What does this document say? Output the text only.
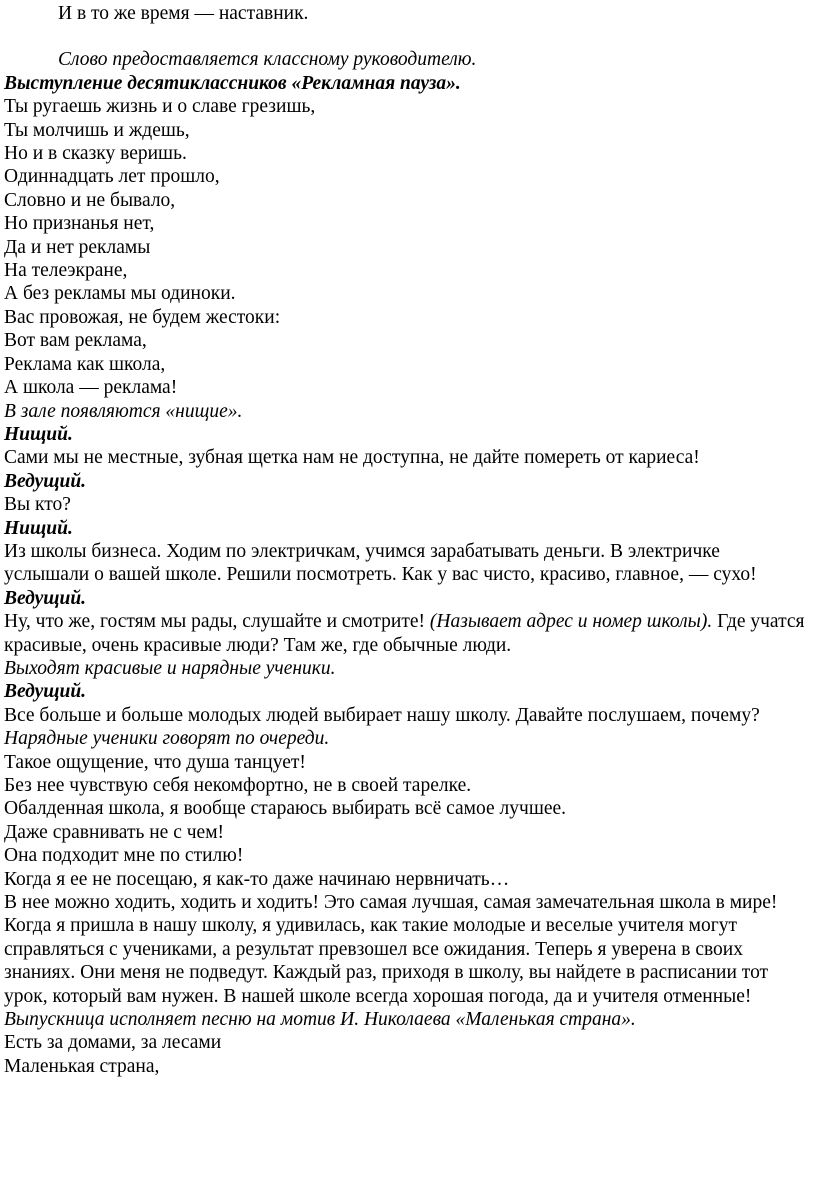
И в то же время — наставник.

Слово предоставляется классному руководителю.

Выступление десятиклассников «Рекламная пауза».

Ты ругаешь жизнь и о славе грезишь,

Ты молчишь и ждешь,

Но и в сказку веришь.

Одиннадцать лет прошло,

Словно и не бывало,

Но признанья нет,

Да и нет рекламы

На телеэкране,

А без рекламы мы одиноки.

Вас провожая, не будем жестоки:

Вот вам реклама,

Реклама как школа,

А школа — реклама!

В зале появляются «нищие».

Нищий.

Сами мы не местные, зубная щетка нам не доступна, не дайте помереть от кариеса!

Ведущий.

Вы кто?

Нищий.

Из школы бизнеса. Ходим по электричкам, учимся зарабатывать деньги. В электричке услышали о вашей школе. Решили посмотреть. Как у вас чисто, красиво, главное, — сухо!

Ведущий.

Ну, что же, гостям мы рады, слушайте и смотрите! (Называет адрес и номер школы). Где учатся красивые, очень красивые люди? Там же, где обычные люди.

Выходят красивые и нарядные ученики.

Ведущий.

Все больше и больше молодых людей выбирает нашу школу. Давайте послушаем, почему?

Нарядные ученики говорят по очереди.

Такое ощущение, что душа танцует!

Без нее чувствую себя некомфортно, не в своей тарелке.

Обалденная школа, я вообще стараюсь выбирать всё самое лучшее.

Даже сравнивать не с чем!

Она подходит мне по стилю!

Когда я ее не посещаю, я как-то даже начинаю нервничать…

В нее можно ходить, ходить и ходить! Это самая лучшая, самая замечательная школа в мире!

Когда я пришла в нашу школу, я удивилась, как такие молодые и веселые учителя могут справляться с учениками, а результат превзошел все ожидания. Теперь я уверена в своих знаниях. Они меня не подведут. Каждый раз, приходя в школу, вы найдете в расписании тот урок, который вам нужен. В нашей школе всегда хорошая погода, да и учителя отменные!

Выпускница исполняет песню на мотив И. Николаева «Маленькая страна».

Есть за домами, за лесами

Маленькая страна,
